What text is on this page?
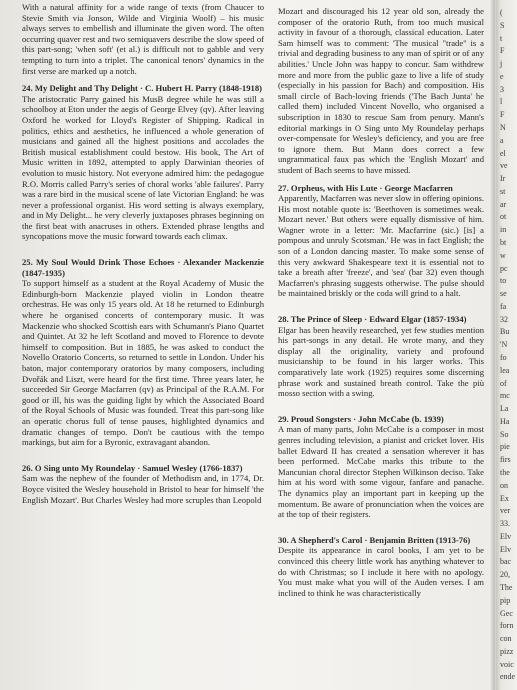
With a natural affinity for a wide range of texts (from Chaucer to Stevie Smith via Jonson, Wilde and Virginia Woolf) – his music always serves to embellish and illuminate the given word. The often occurring quaver rest and two semiquavers describe the slow speed of this part-song; 'when soft' (et al.) is difficult not to gabble and very tempting to turn into a triplet. The canonical tenors' dynamics in the first verse are marked up a notch.

24. My Delight and Thy Delight · C. Hubert H. Parry (1848-1918)

The aristocratic Parry gained his MusB degree while he was still a schoolboy at Eton under the aegis of George Elvey (qv). After leaving Oxford he worked for Lloyd's Register of Shipping. Radical in politics, ethics and aesthetics, he influenced a whole generation of musicians and gained all the highest positions and accolades the British musical establishment could bestow. His book, The Art of Music written in 1892, attempted to apply Darwinian theories of evolution to music history. Not everyone admired him: the pedagogue R.O. Morris called Parry's series of choral works 'able failures'. Parry was a rare bird in the musical scene of late Victorian England: he was never a professional organist. His word setting is always exemplary, and in My Delight... he very cleverly juxtaposes phrases beginning on the first beat with anacruses in others. Extended phrase lengths and syncopations move the music forward towards each climax.

25. My Soul Would Drink Those Echoes · Alexander Mackenzie (1847-1935)

To support himself as a student at the Royal Academy of Music the Edinburgh-born Mackenzie played violin in London theatre orchestras. He was only 15 years old. At 18 he returned to Edinburgh where he organised concerts of contemporary music. It was Mackenzie who shocked Scottish ears with Schumann's Piano Quartet and Quintet. At 32 he left Scotland and moved to Florence to devote himself to composition. But in 1885, he was asked to conduct the Novello Oratorio Concerts, so returned to settle in London. Under his baton, major contemporary oratorios by many composers, including Dvořák and Liszt, were heard for the first time. Three years later, he succeeded Sir George Macfarren (qv) as Principal of the R.A.M. For good or ill, his was the guiding light by which the Associated Board of the Royal Schools of Music was founded. Treat this part-song like an operatic chorus full of tense pauses, highlighted dynamics and dramatic changes of tempo. Don't be cautious with the tempo markings, but aim for a Byronic, extravagant abandon.

26. O Sing unto My Roundelay · Samuel Wesley (1766-1837)

Sam was the nephew of the founder of Methodism and, in 1774, Dr. Boyce visited the Wesley household in Bristol to hear for himself 'the English Mozart'. But Charles Wesley had more scruples than Leopold

Mozart and discouraged his 12 year old son, already the composer of the oratorio Ruth, from too much musical activity in favour of a thorough, classical education. Later Sam himself was to comment: 'The musical "trade" is a trivial and degrading business to any man of spirit or of any abilities.' Uncle John was happy to concur. Sam withdrew more and more from the public gaze to live a life of study (especially in his passion for Bach) and composition. His small circle of Bach-loving friends ('The Bach Junta' he called them) included Vincent Novello, who organised a subscription in 1830 to rescue Sam from penury. Mann's editorial markings in O Sing unto My Roundelay perhaps over-compensate for Wesley's deficiency, and you are free to ignore them. But Mann does correct a few ungrammatical faux pas which the 'English Mozart' and student of Bach seems to have missed.

27. Orpheus, with His Lute · George Macfarren

Apparently, Macfarren was never slow in offering opinions. His most notable quote is: 'Beethoven is sometimes weak. Mozart never.' But others were equally dismissive of him. Wagner wrote in a letter: 'Mr. Macfarrine (sic.) [is] a pompous and unruly Scotsman.' He was in fact English; the son of a London dancing master. To make some sense of this very awkward Shakespeare text it is essential not to take a breath after 'freeze', and 'sea' (bar 32) even though Macfarren's phrasing suggests otherwise. The pulse should be maintained briskly or the coda will grind to a halt.

28. The Prince of Sleep · Edward Elgar (1857-1934)

Elgar has been heavily researched, yet few studies mention his part-songs in any detail. He wrote many, and they display all the originality, variety and profound musicianship to be found in his larger works. This comparatively late work (1925) requires some discerning phrase work and sustained breath control. Take the più mosso section with a swing.

29. Proud Songsters · John McCabe (b. 1939)

A man of many parts, John McCabe is a composer in most genres including television, a pianist and cricket lover. His ballet Edward II has created a sensation wherever it has been performed. McCabe marks this tribute to the Mancunian choral director Stephen Wilkinson deciso. Take him at his word with some vigour, fanfare and panache. The dynamics play an important part in keeping up the momentum. Be aware of pronunciation when the voices are at the top of their registers.

30. A Shepherd's Carol · Benjamin Britten (1913-76)

Despite its appearance in carol books, I am yet to be convinced this cheery little work has anything whatever to do with Christmas; so I include it here with no apology. You must make what you will of the Auden verses. I am inclined to think he was characteristically

(
S
t
F
j
e
3
l
F
N
a
el
ve
Ir
st
ar
ot
in
bt
w
pc
to
se
fa
32
Bu
'N
fo
lea
of
mc
La
Ha
So
pie
firs
the
on
Ex
ver
33.
Elv
Elv
bac
20,
The
pip
Gec
forn
con
pizz
voic
ende
